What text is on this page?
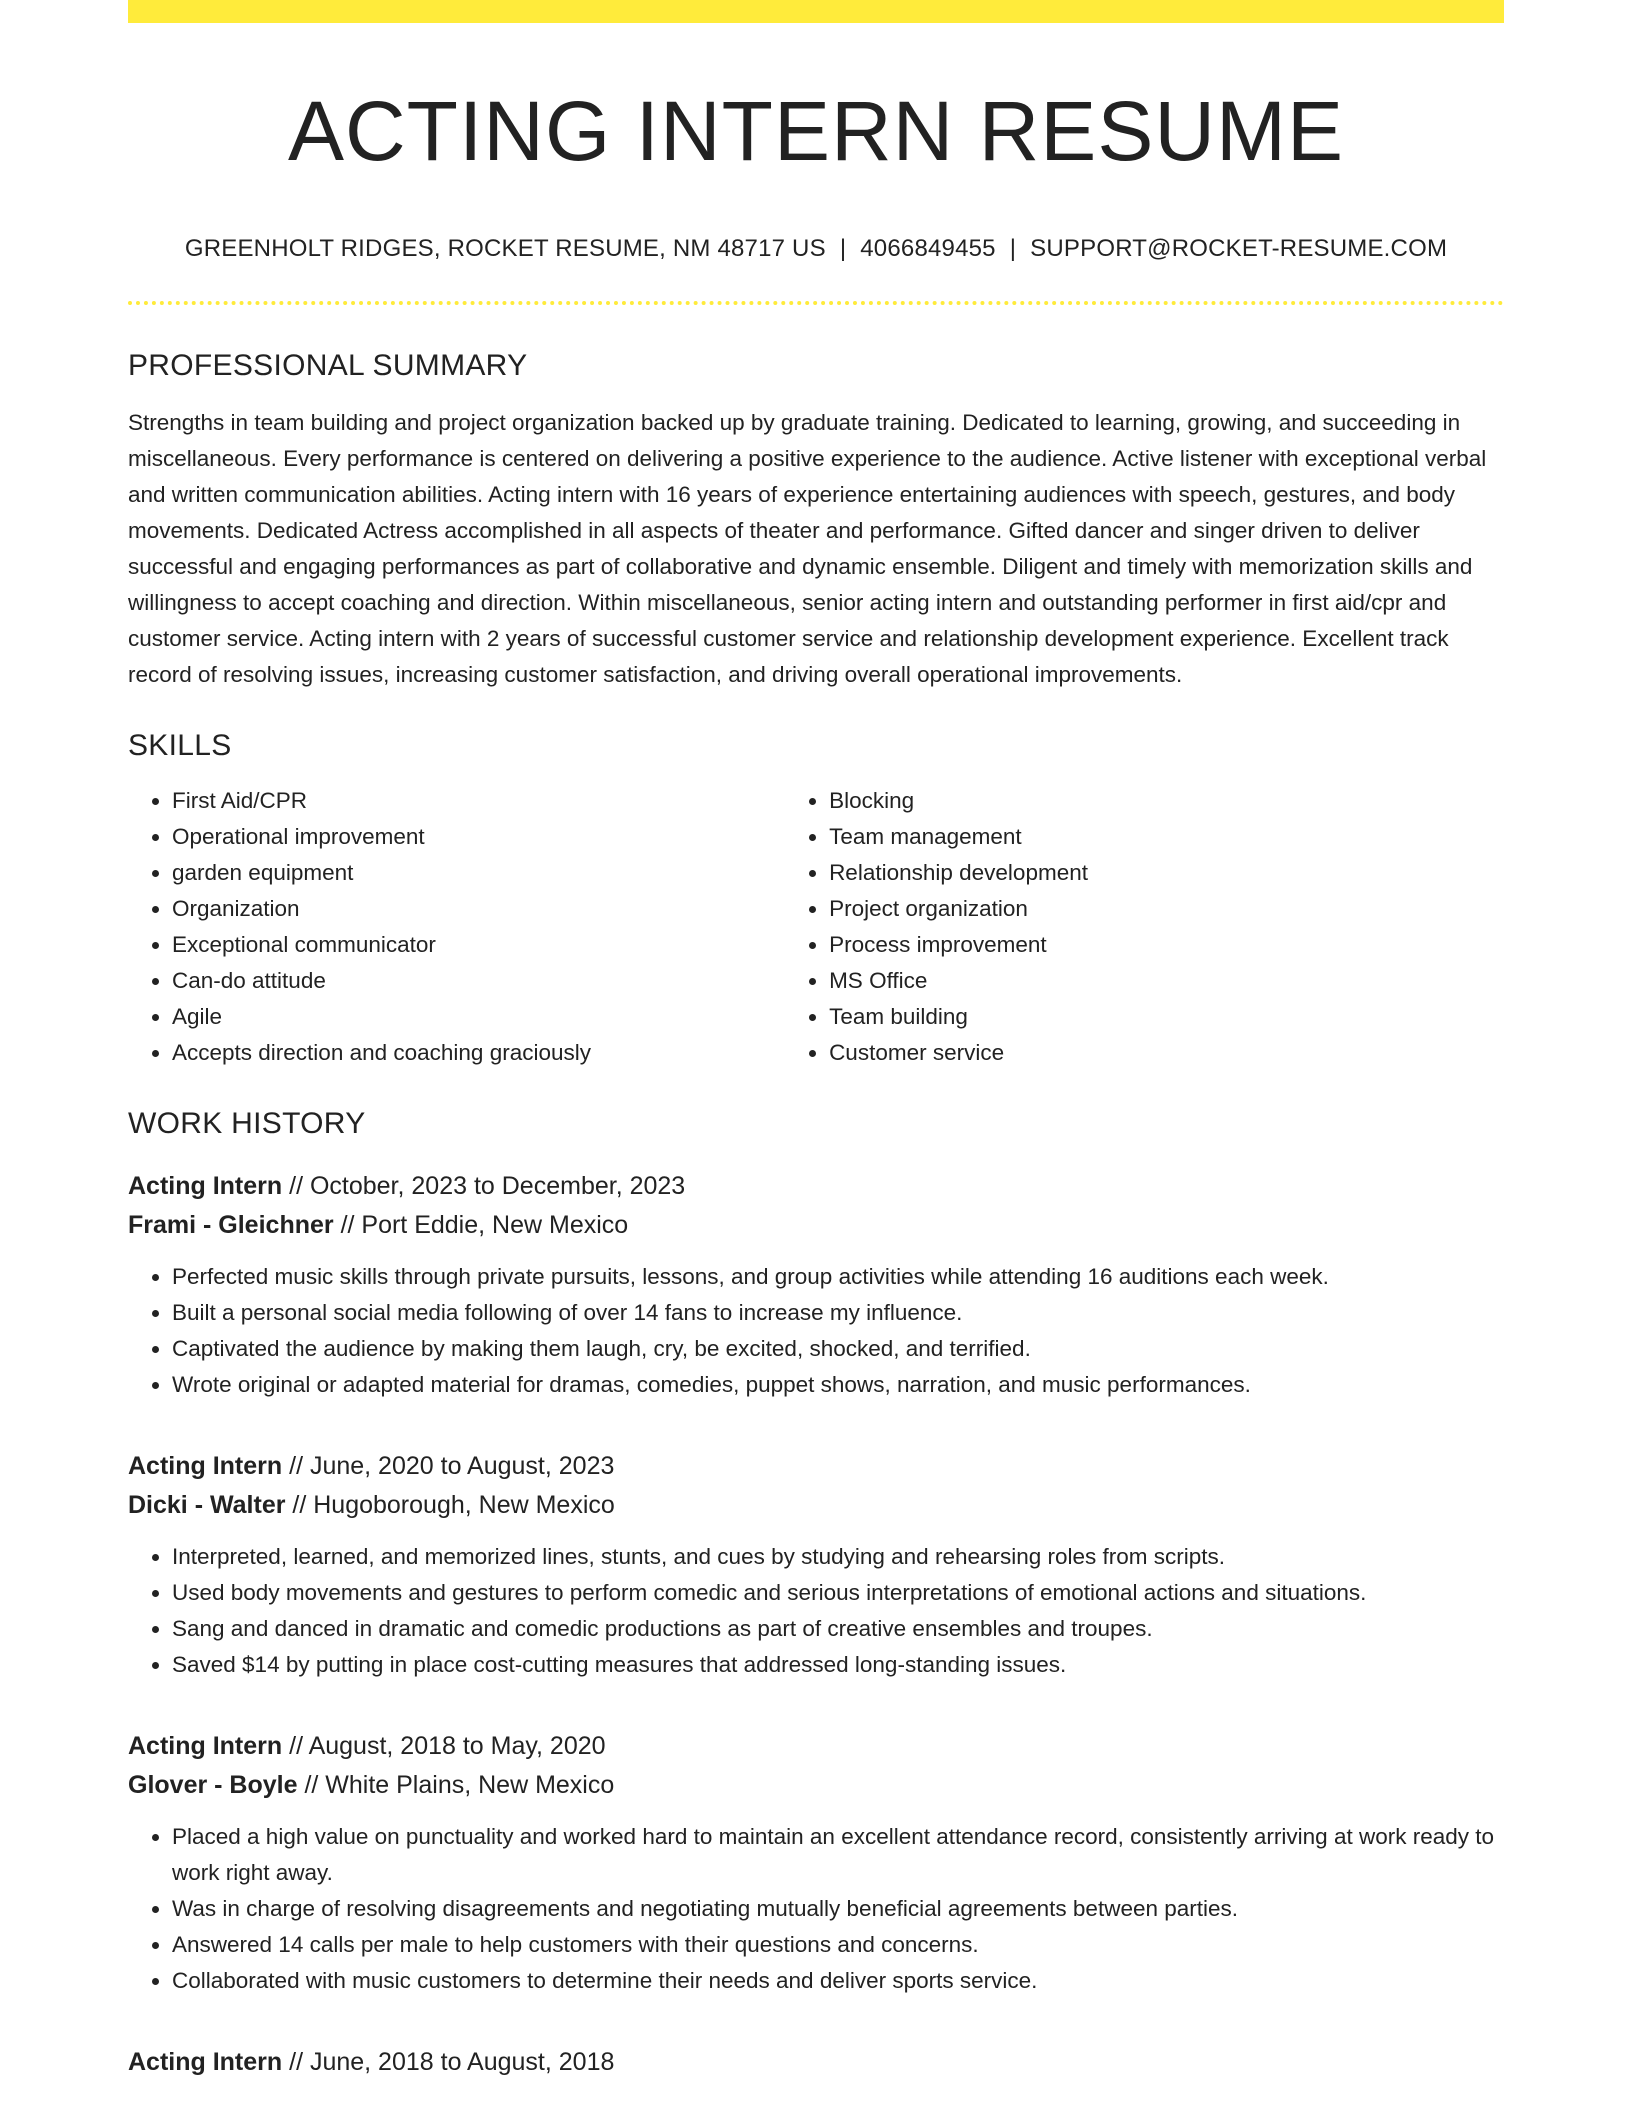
ACTING INTERN RESUME
GREENHOLT RIDGES, ROCKET RESUME, NM 48717 US | 4066849455 | SUPPORT@ROCKET-RESUME.COM
PROFESSIONAL SUMMARY

Strengths in team building and project organization backed up by graduate training. Dedicated to learning, growing, and succeeding in miscellaneous. Every performance is centered on delivering a positive experience to the audience. Active listener with exceptional verbal and written communication abilities. Acting intern with 16 years of experience entertaining audiences with speech, gestures, and body movements. Dedicated Actress accomplished in all aspects of theater and performance. Gifted dancer and singer driven to deliver successful and engaging performances as part of collaborative and dynamic ensemble. Diligent and timely with memorization skills and willingness to accept coaching and direction. Within miscellaneous, senior acting intern and outstanding performer in first aid/cpr and customer service. Acting intern with 2 years of successful customer service and relationship development experience. Excellent track record of resolving issues, increasing customer satisfaction, and driving overall operational improvements.

SKILLS
• First Aid/CPR
• Operational improvement
• garden equipment
• Organization
• Exceptional communicator
• Can-do attitude
• Agile
• Accepts direction and coaching graciously
• Blocking
• Team management
• Relationship development
• Project organization
• Process improvement
• MS Office
• Team building
• Customer service
WORK HISTORY
Acting Intern // October, 2023 to December, 2023
Frami - Gleichner // Port Eddie, New Mexico
• Perfected music skills through private pursuits, lessons, and group activities while attending 16 auditions each week.
• Built a personal social media following of over 14 fans to increase my influence.
• Captivated the audience by making them laugh, cry, be excited, shocked, and terrified.
• Wrote original or adapted material for dramas, comedies, puppet shows, narration, and music performances.
Acting Intern // June, 2020 to August, 2023
Dicki - Walter // Hugoborough, New Mexico
• Interpreted, learned, and memorized lines, stunts, and cues by studying and rehearsing roles from scripts.
• Used body movements and gestures to perform comedic and serious interpretations of emotional actions and situations.
• Sang and danced in dramatic and comedic productions as part of creative ensembles and troupes.
• Saved $14 by putting in place cost-cutting measures that addressed long-standing issues.
Acting Intern // August, 2018 to May, 2020
Glover - Boyle // White Plains, New Mexico
• Placed a high value on punctuality and worked hard to maintain an excellent attendance record, consistently arriving at work ready to work right away.
• Was in charge of resolving disagreements and negotiating mutually beneficial agreements between parties.
• Answered 14 calls per male to help customers with their questions and concerns.
• Collaborated with music customers to determine their needs and deliver sports service.
Acting Intern // June, 2018 to August, 2018
